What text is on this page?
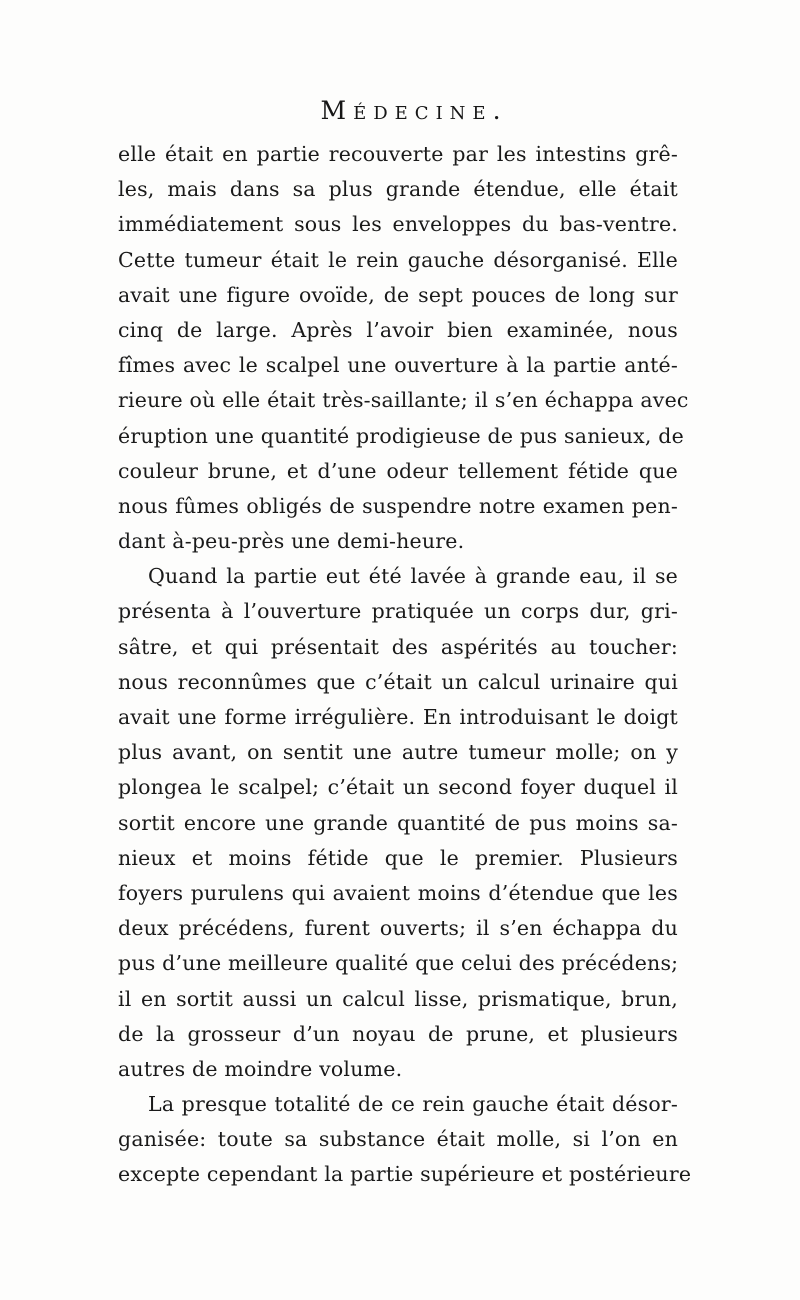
Médecine.
elle était en partie recouverte par les intestins grê-
les, mais dans sa plus grande étendue, elle était
immédiatement sous les enveloppes du bas-ventre.
Cette tumeur était le rein gauche désorganisé. Elle
avait une figure ovoïde, de sept pouces de long sur
cinq de large. Après l’avoir bien examinée, nous
fîmes avec le scalpel une ouverture à la partie anté-
rieure où elle était très-saillante; il s’en échappa avec
éruption une quantité prodigieuse de pus sanieux, de
couleur brune, et d’une odeur tellement fétide que
nous fûmes obligés de suspendre notre examen pen-
dant à-peu-près une demi-heure.
Quand la partie eut été lavée à grande eau, il se
présenta à l’ouverture pratiquée un corps dur, gri-
sâtre, et qui présentait des aspérités au toucher:
nous reconnûmes que c’était un calcul urinaire qui
avait une forme irrégulière. En introduisant le doigt
plus avant, on sentit une autre tumeur molle; on y
plongea le scalpel; c’était un second foyer duquel il
sortit encore une grande quantité de pus moins sa-
nieux et moins fétide que le premier. Plusieurs
foyers purulens qui avaient moins d’étendue que les
deux précédens, furent ouverts; il s’en échappa du
pus d’une meilleure qualité que celui des précédens;
il en sortit aussi un calcul lisse, prismatique, brun,
de la grosseur d’un noyau de prune, et plusieurs
autres de moindre volume.
La presque totalité de ce rein gauche était désor-
ganisée: toute sa substance était molle, si l’on en
excepte cependant la partie supérieure et postérieure
